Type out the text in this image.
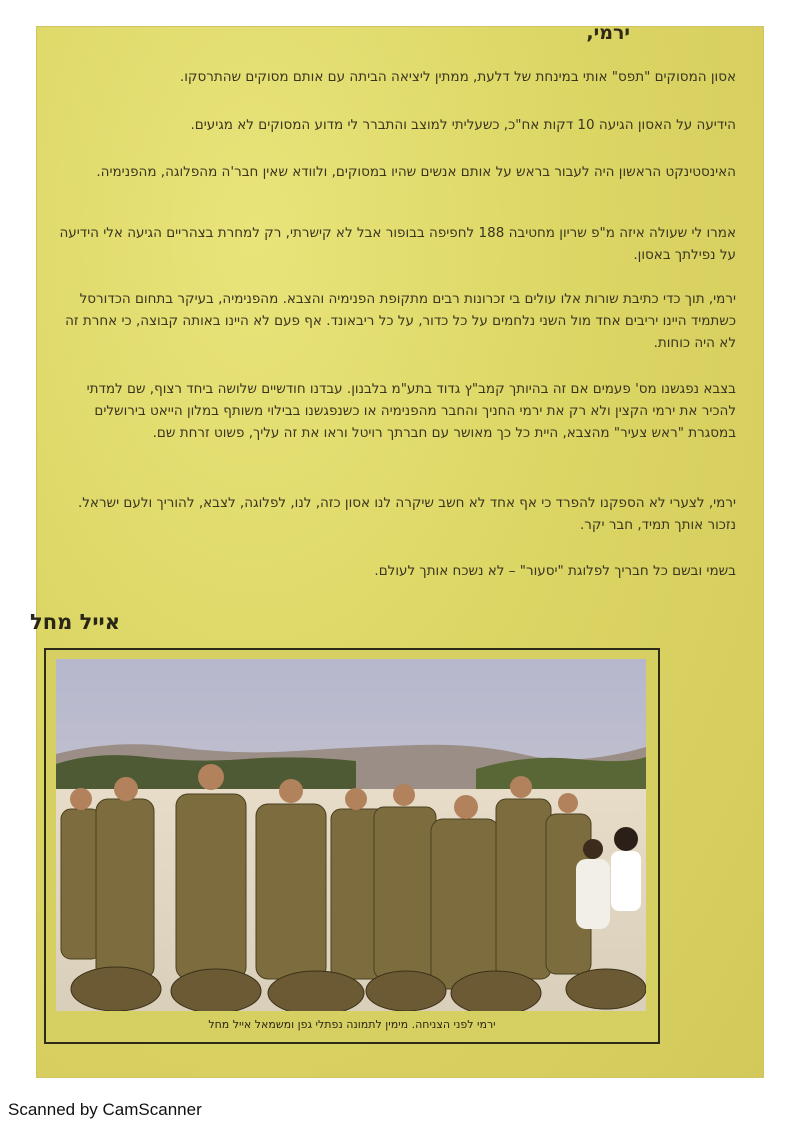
ירמי,
אסון המסוקים "תפס" אותי במינחת של דלעת, ממתין ליציאה הביתה עם אותם מסוקים שהתרסקו.
הידיעה על האסון הגיעה 10 דקות אח"כ, כשעליתי למוצב והתברר לי מדוע המסוקים לא מגיעים.
האינסטינקט הראשון היה לעבור בראש על אותם אנשים שהיו במסוקים, ולוודא שאין חבר'ה מהפלוגה, מהפנימיה.
אמרו לי שעולה איזה מ"פ שריון מחטיבה 188 לחפיפה בבופור אבל לא קישרתי, רק למחרת בצהריים הגיעה אלי הידיעה על נפילתך באסון.
ירמי, תוך כדי כתיבת שורות אלו עולים בי זכרונות רבים מתקופת הפנימיה והצבא. מהפנימיה, בעיקר בתחום הכדורסל כשתמיד היינו יריבים אחד מול השני נלחמים על כל כדור, על כל ריבאונד. אף פעם לא היינו באותה קבוצה, כי אחרת זה לא היה כוחות.
בצבא נפגשנו מס' פעמים אם זה בהיותך קמב"ץ גדוד בתע"מ בלבנון. עבדנו חודשיים שלושה ביחד רצוף, שם למדתי להכיר את ירמי הקצין ולא רק את ירמי החניך והחבר מהפנימיה או כשנפגשנו בבילוי משותף במלון הייאט בירושלים במסגרת "ראש צעיר" מהצבא, היית כל כך מאושר עם חברתך רויטל וראו את זה עליך, פשוט זרחת שם.
ירמי, לצערי לא הספקנו להפרד כי אף אחד לא חשב שיקרה לנו אסון כזה, לנו, לפלוגה, לצבא, להוריך ולעם ישראל. נזכור אותך תמיד, חבר יקר.
בשמי ובשם כל חבריך לפלוגת "יסעור" – לא נשכח אותך לעולם.
אייל מחל
ירמי לפני הצניחה. מימין לתמונה נפתלי גפן ומשמאל אייל מחל
Scanned by CamScanner
